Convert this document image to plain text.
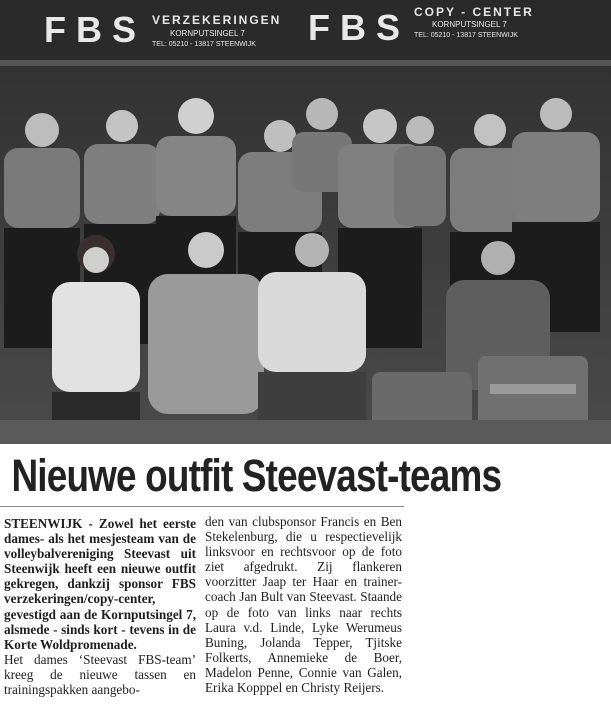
FBS VERZEKERINGEN
KORNPUTSINGEL 7
TEL: 05210 - 13817 STEENWIJK FBS COPY - CENTER
KORNPUTSINGEL 7
TEL: 05210 - 13817 STEENWIJK
Nieuwe outfit Steevast-teams

STEENWIJK - Zowel het eerste dames- als het mesjesteam van de volleybalvereniging Steevast uit Steenwijk heeft een nieuwe outfit gekregen, dankzij sponsor FBS verzekeringen/copy-center, gevestigd aan de Kornputsingel 7, alsmede - sinds kort - tevens in de Korte Woldpromenade.

Het dames ‘Steevast FBS-team’ kreeg de nieuwe tassen en trainingspakken aangebo-

den van clubsponsor Francis en Ben Stekelenburg, die u respectievelijk linksvoor en rechtsvoor op de foto ziet afgedrukt. Zij flankeren voorzitter Jaap ter Haar en trainer-coach Jan Bult van Steevast. Staande op de foto van links naar rechts Laura v.d. Linde, Lyke Werumeus Buning, Jolanda Tepper, Tjitske Folkerts, Annemieke de Boer, Madelon Penne, Connie van Galen, Erika Kopppel en Christy Reijers.
